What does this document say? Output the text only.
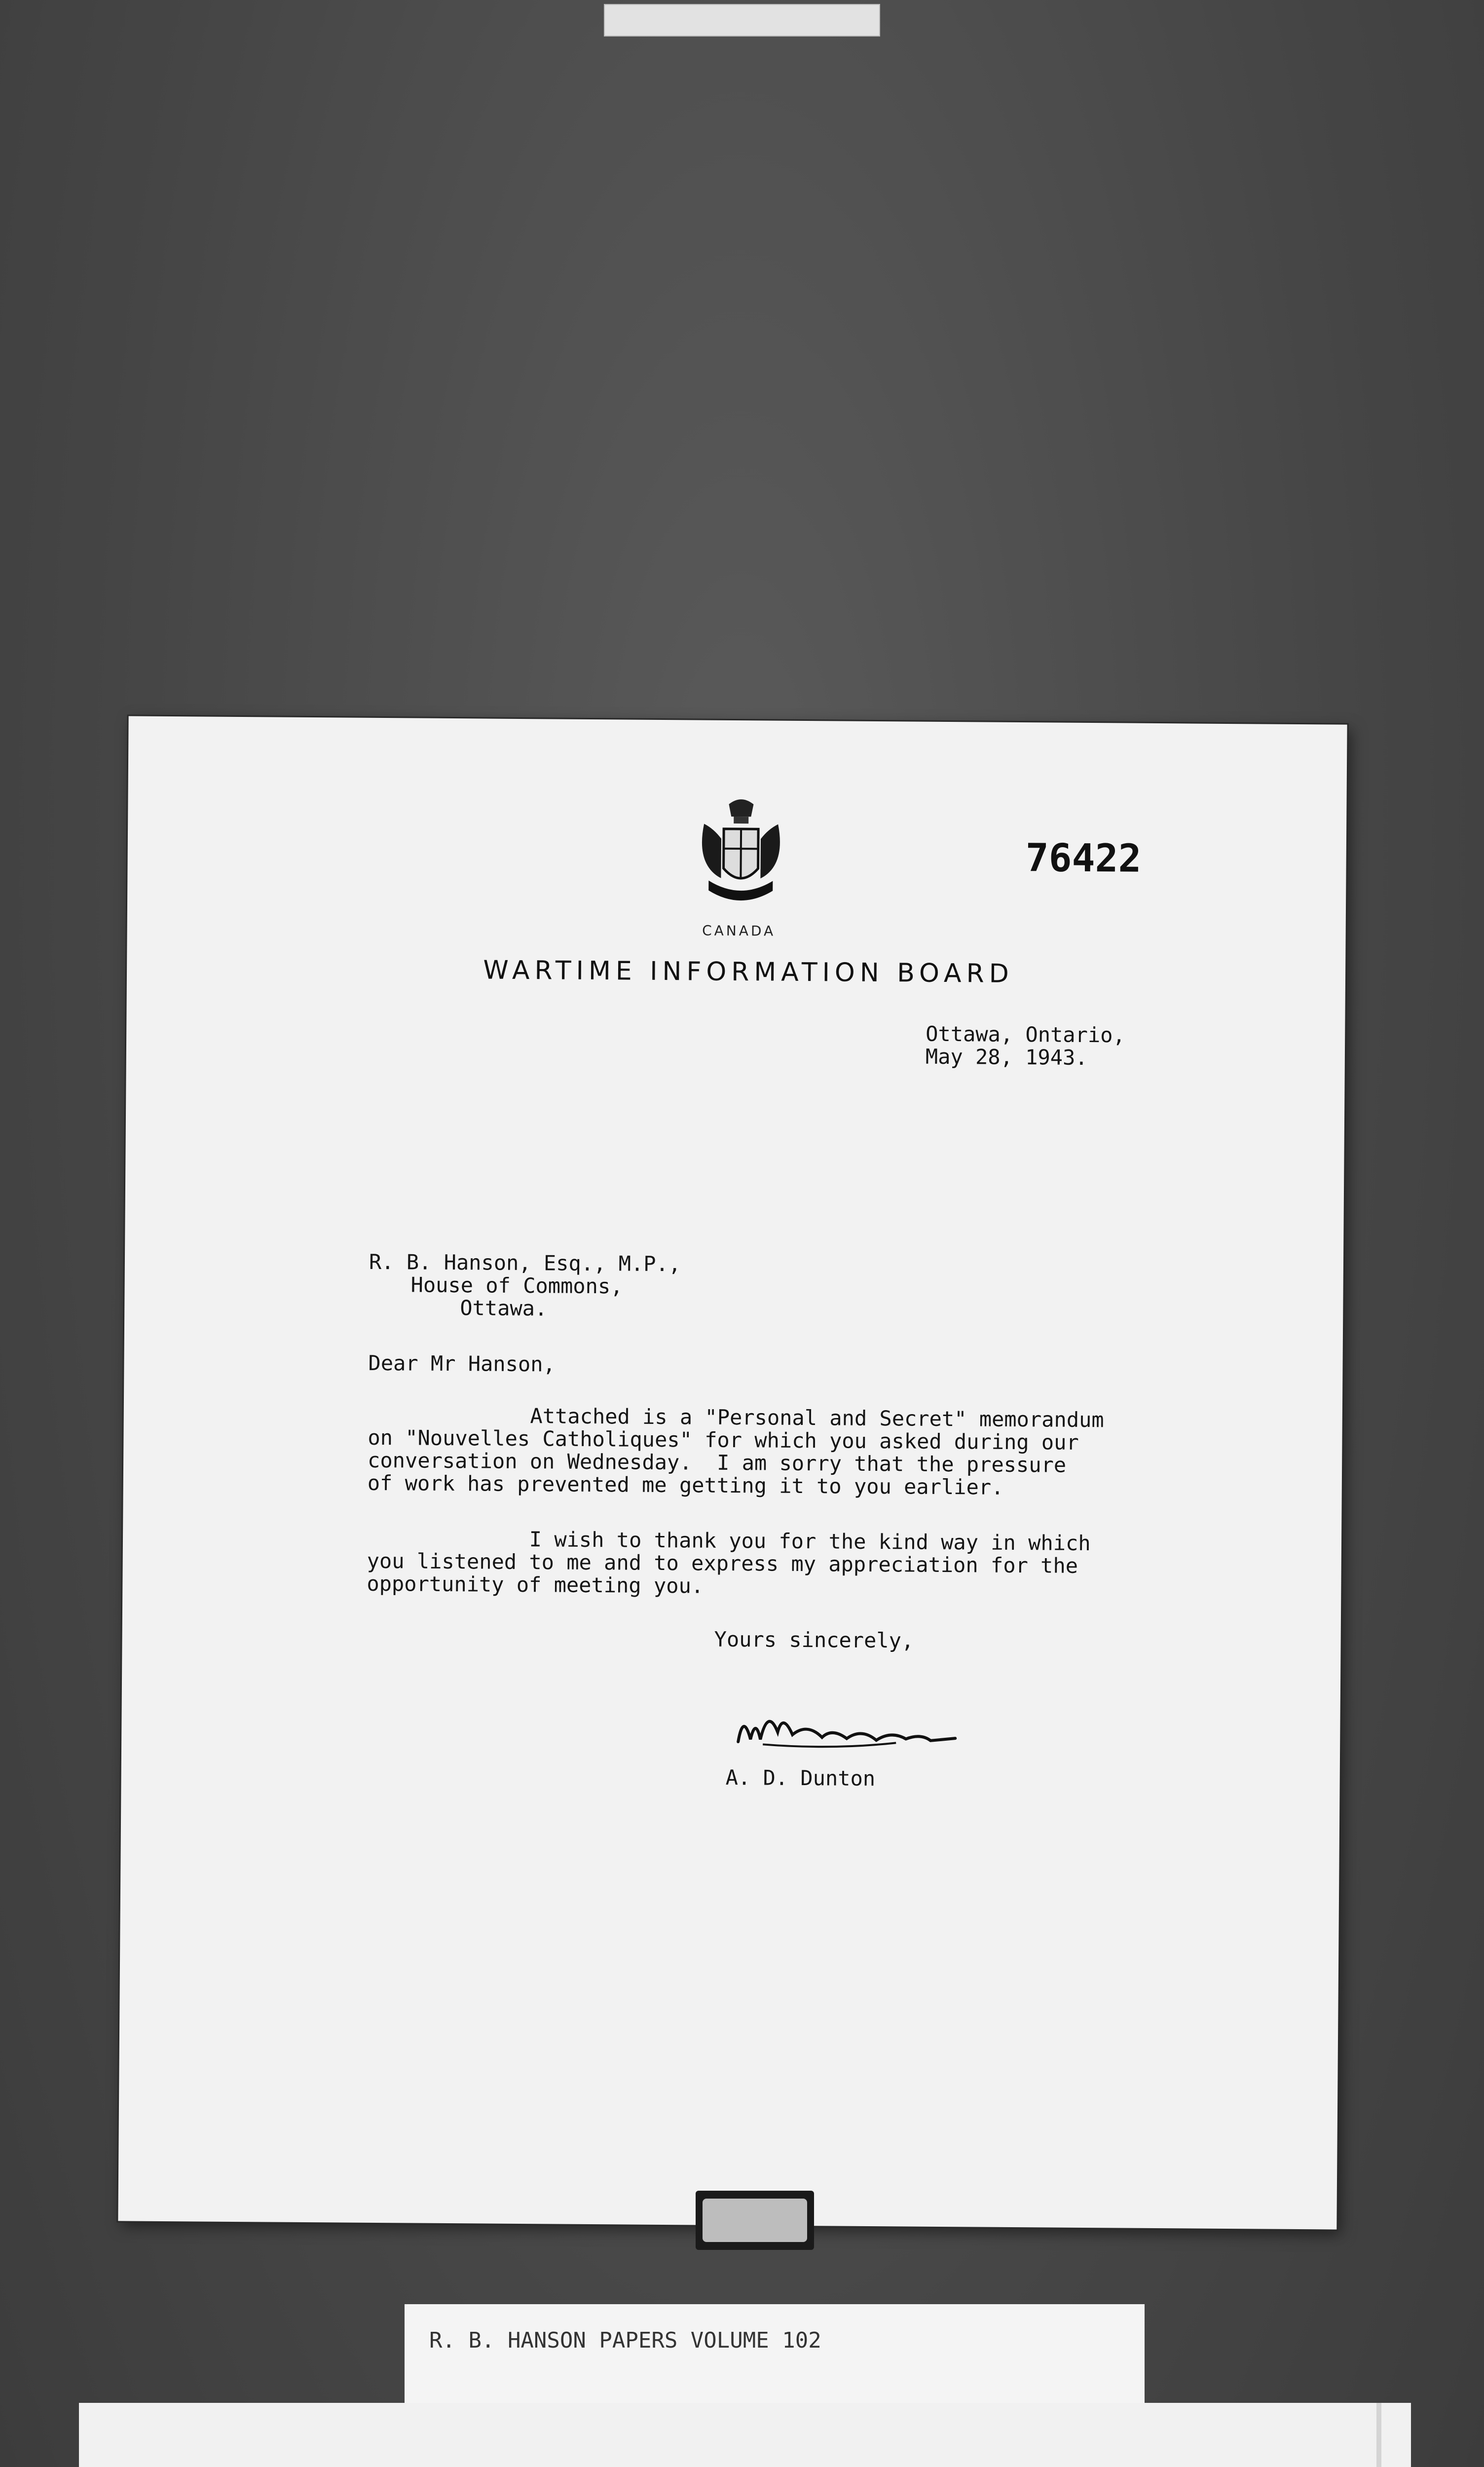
CANADA
76422
WARTIME INFORMATION BOARD
Ottawa, Ontario,
May 28, 1943.
R. B. Hanson, Esq., M.P.,
House of Commons,
Ottawa.
Dear Mr Hanson,
Attached is a "Personal and Secret" memorandum
on "Nouvelles Catholiques" for which you asked during our
conversation on Wednesday.  I am sorry that the pressure
of work has prevented me getting it to you earlier.
I wish to thank you for the kind way in which
you listened to me and to express my appreciation for the
opportunity of meeting you.
Yours sincerely,
A. D. Dunton
R. B. HANSON PAPERS VOLUME 102
